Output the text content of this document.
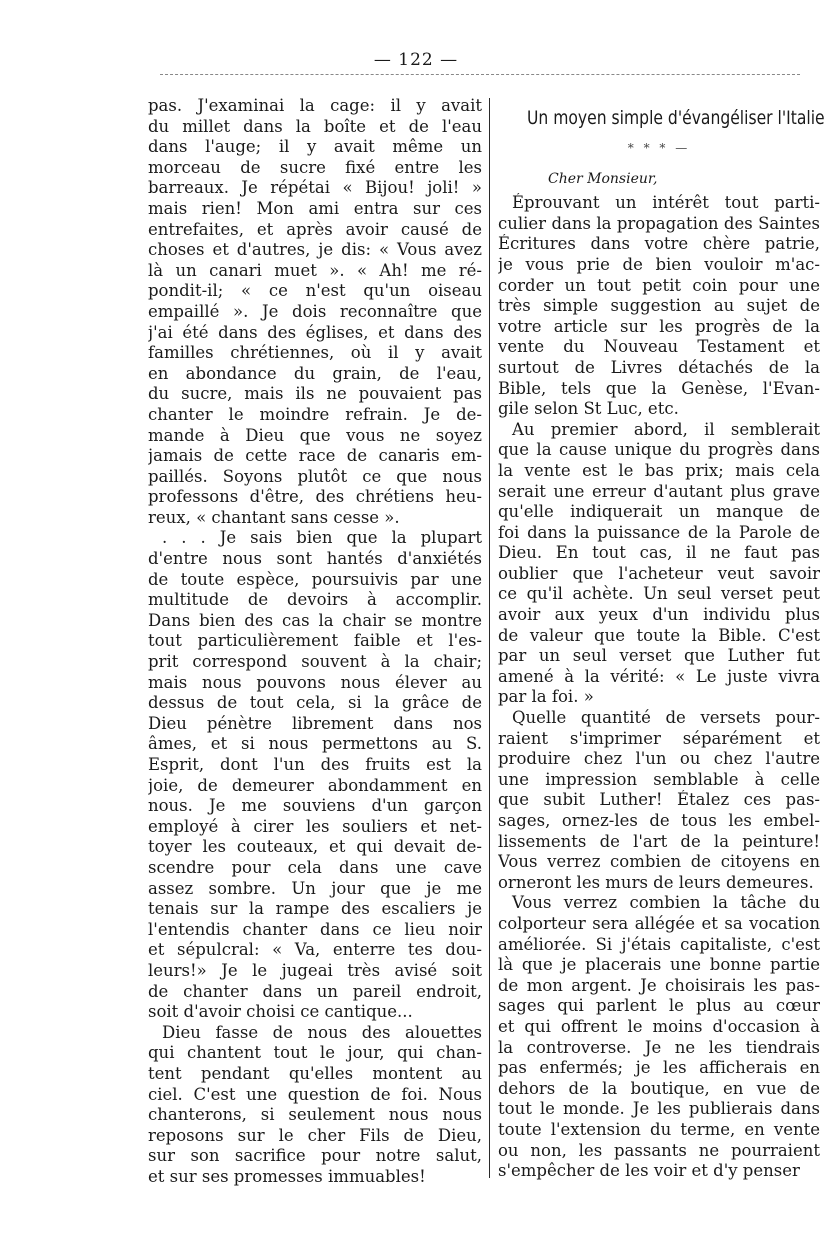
— 122 —
pas. J'examinai la cage: il y avait
du millet dans la boîte et de l'eau
dans l'auge; il y avait même un
morceau de sucre fixé entre les
barreaux. Je répétai « Bijou! joli! »
mais rien! Mon ami entra sur ces
entrefaites, et après avoir causé de
choses et d'autres, je dis: « Vous avez
là un canari muet ». « Ah! me ré-
pondit-il; « ce n'est qu'un oiseau
empaillé ». Je dois reconnaître que
j'ai été dans des églises, et dans des
familles chrétiennes, où il y avait
en abondance du grain, de l'eau,
du sucre, mais ils ne pouvaient pas
chanter le moindre refrain. Je de-
mande à Dieu que vous ne soyez
jamais de cette race de canaris em-
paillés. Soyons plutôt ce que nous
professons d'être, des chrétiens heu-
reux, « chantant sans cesse ».
. . . Je sais bien que la plupart
d'entre nous sont hantés d'anxiétés
de toute espèce, poursuivis par une
multitude de devoirs à accomplir.
Dans bien des cas la chair se montre
tout particulièrement faible et l'es-
prit correspond souvent à la chair;
mais nous pouvons nous élever au
dessus de tout cela, si la grâce de
Dieu pénètre librement dans nos
âmes, et si nous permettons au S.
Esprit, dont l'un des fruits est la
joie, de demeurer abondamment en
nous. Je me souviens d'un garçon
employé à cirer les souliers et net-
toyer les couteaux, et qui devait de-
scendre pour cela dans une cave
assez sombre. Un jour que je me
tenais sur la rampe des escaliers je
l'entendis chanter dans ce lieu noir
et sépulcral: « Va, enterre tes dou-
leurs!» Je le jugeai très avisé soit
de chanter dans un pareil endroit,
soit d'avoir choisi ce cantique...
Dieu fasse de nous des alouettes
qui chantent tout le jour, qui chan-
tent pendant qu'elles montent au
ciel. C'est une question de foi. Nous
chanterons, si seulement nous nous
reposons sur le cher Fils de Dieu,
sur son sacrifice pour notre salut,
et sur ses promesses immuables!
Un moyen simple d'évangéliser l'Italie
* * * —
Cher Monsieur,
Éprouvant un intérêt tout parti-
culier dans la propagation des Saintes
Écritures dans votre chère patrie,
je vous prie de bien vouloir m'ac-
corder un tout petit coin pour une
très simple suggestion au sujet de
votre article sur les progrès de la
vente du Nouveau Testament et
surtout de Livres détachés de la
Bible, tels que la Genèse, l'Evan-
gile selon St Luc, etc.
Au premier abord, il semblerait
que la cause unique du progrès dans
la vente est le bas prix; mais cela
serait une erreur d'autant plus grave
qu'elle indiquerait un manque de
foi dans la puissance de la Parole de
Dieu. En tout cas, il ne faut pas
oublier que l'acheteur veut savoir
ce qu'il achète. Un seul verset peut
avoir aux yeux d'un individu plus
de valeur que toute la Bible. C'est
par un seul verset que Luther fut
amené à la vérité: « Le juste vivra
par la foi. »
Quelle quantité de versets pour-
raient s'imprimer séparément et
produire chez l'un ou chez l'autre
une impression semblable à celle
que subit Luther! Étalez ces pas-
sages, ornez-les de tous les embel-
lissements de l'art de la peinture!
Vous verrez combien de citoyens en
orneront les murs de leurs demeures.
Vous verrez combien la tâche du
colporteur sera allégée et sa vocation
améliorée. Si j'étais capitaliste, c'est
là que je placerais une bonne partie
de mon argent. Je choisirais les pas-
sages qui parlent le plus au cœur
et qui offrent le moins d'occasion à
la controverse. Je ne les tiendrais
pas enfermés; je les afficherais en
dehors de la boutique, en vue de
tout le monde. Je les publierais dans
toute l'extension du terme, en vente
ou non, les passants ne pourraient
s'empêcher de les voir et d'y penser
